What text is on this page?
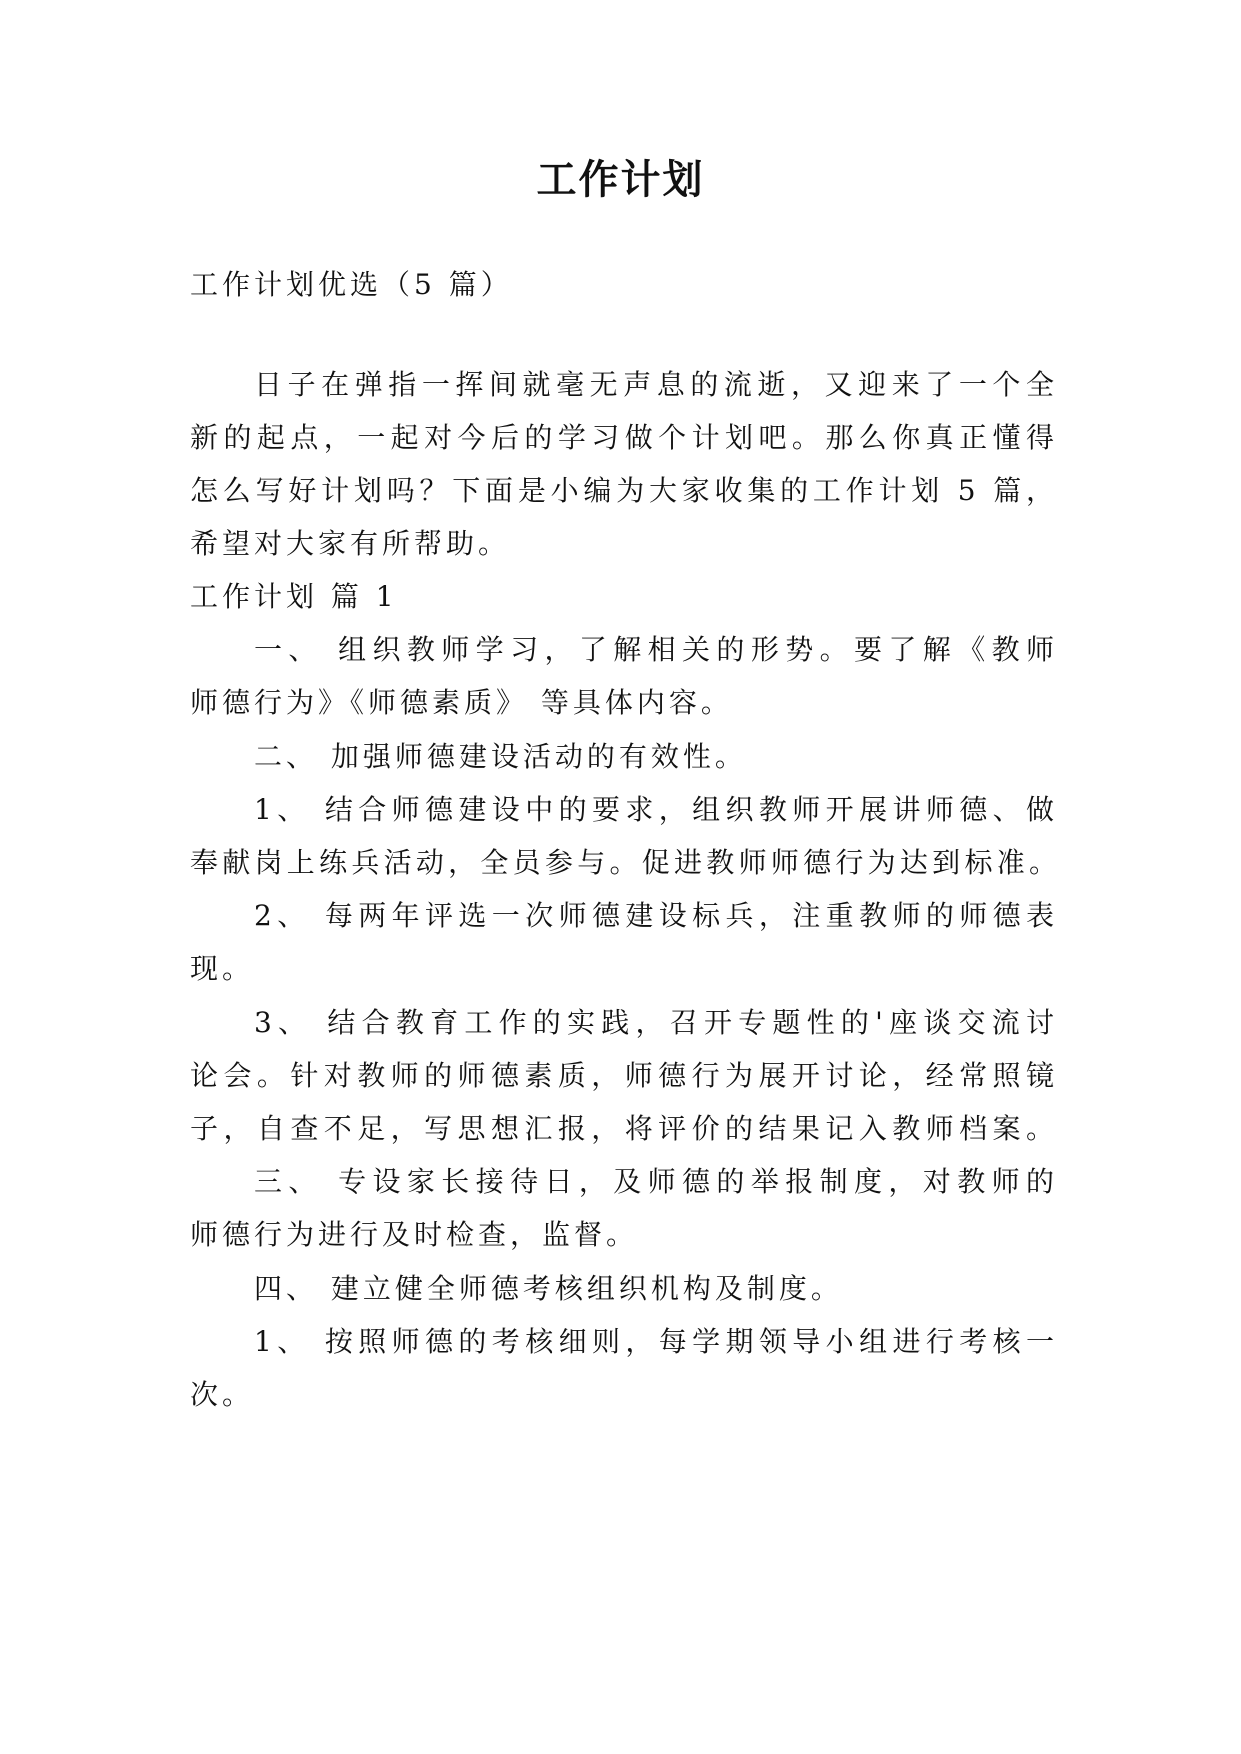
工作计划
工作计划优选（5 篇）
日子在弹指一挥间就毫无声息的流逝，又迎来了一个全
新的起点，一起对今后的学习做个计划吧。那么你真正懂得
怎么写好计划吗？下面是小编为大家收集的工作计划 5 篇，
希望对大家有所帮助。
工作计划 篇 1
一、 组织教师学习，了解相关的形势。要了解《教师
师德行为》《师德素质》 等具体内容。
二、 加强师德建设活动的有效性。
1、 结合师德建设中的要求，组织教师开展讲师德、做
奉献岗上练兵活动，全员参与。促进教师师德行为达到标准。
2、 每两年评选一次师德建设标兵，注重教师的师德表
现。
3、 结合教育工作的实践，召开专题性的'座谈交流讨
论会。针对教师的师德素质，师德行为展开讨论，经常照镜
子，自查不足，写思想汇报，将评价的结果记入教师档案。
三、 专设家长接待日，及师德的举报制度，对教师的
师德行为进行及时检查，监督。
四、 建立健全师德考核组织机构及制度。
1、 按照师德的考核细则，每学期领导小组进行考核一
次。
